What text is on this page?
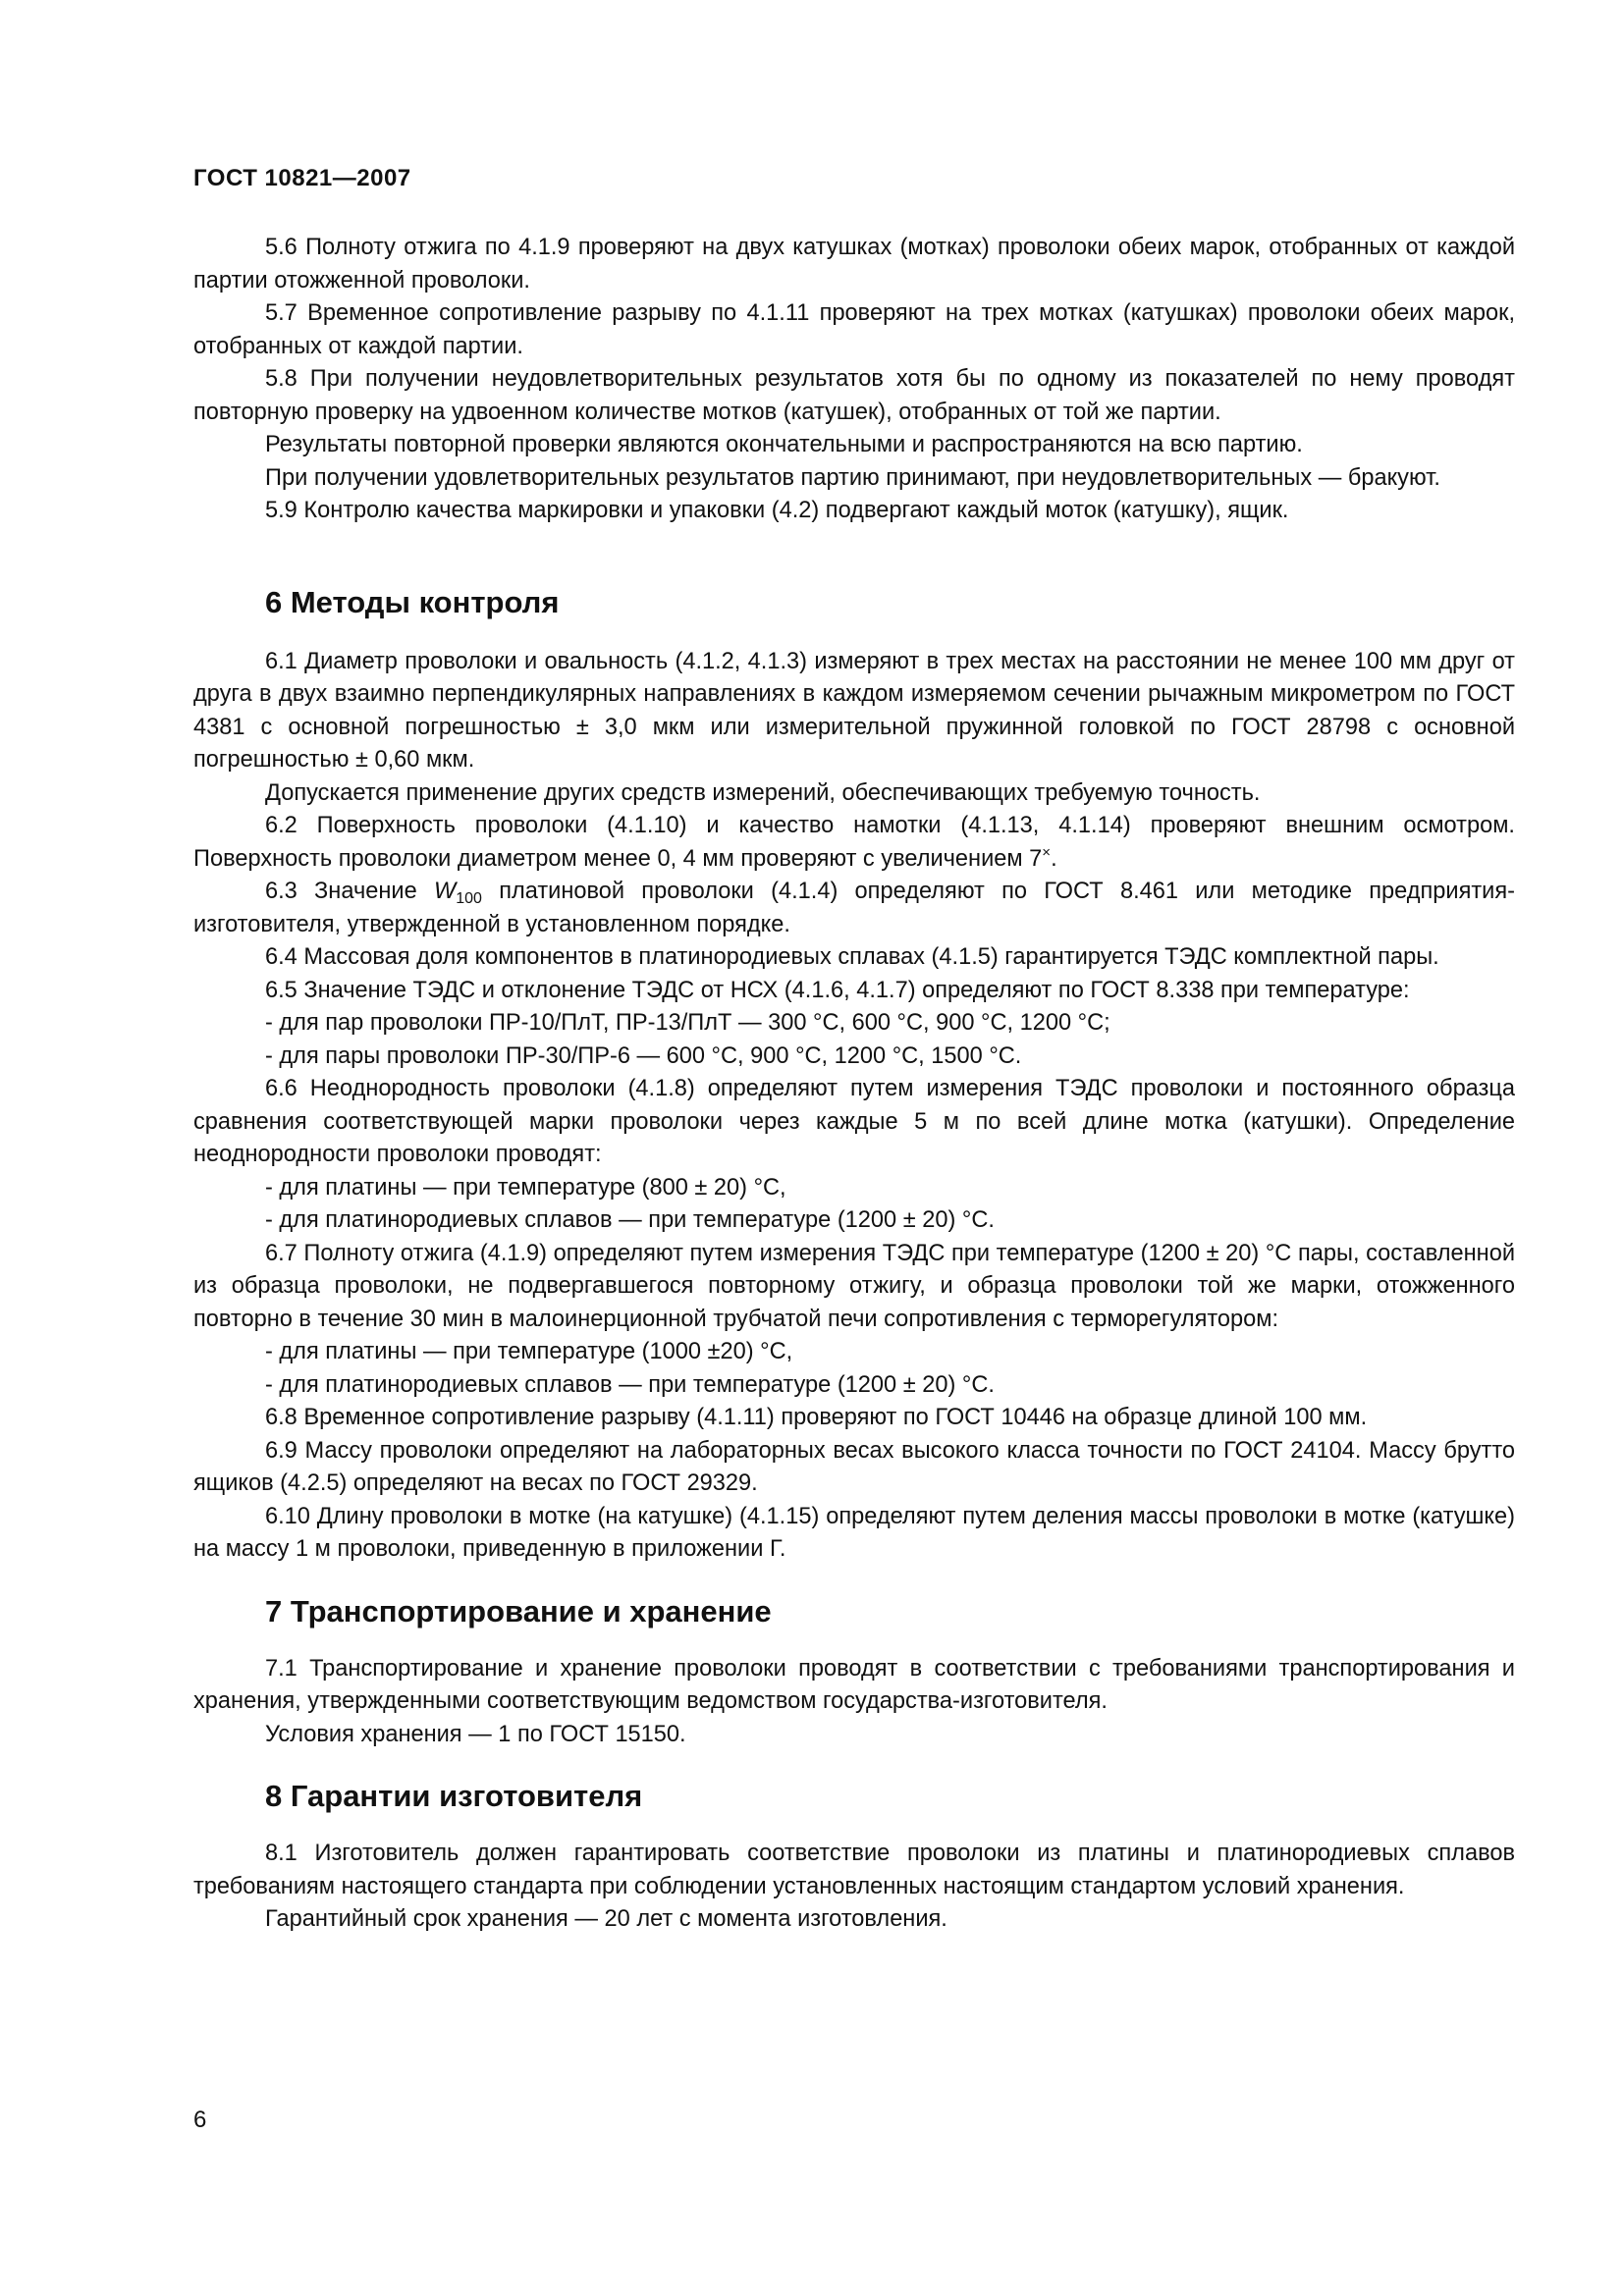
ГОСТ 10821—2007

5.6 Полноту отжига по 4.1.9 проверяют на двух катушках (мотках) проволоки обеих марок, отобранных от каждой партии отожженной проволоки.

5.7 Временное сопротивление разрыву по 4.1.11 проверяют на трех мотках (катушках) проволоки обеих марок, отобранных от каждой партии.

5.8 При получении неудовлетворительных результатов хотя бы по одному из показателей по нему проводят повторную проверку на удвоенном количестве мотков (катушек), отобранных от той же партии.

Результаты повторной проверки являются окончательными и распространяются на всю партию.

При получении удовлетворительных результатов партию принимают, при неудовлетворительных — бракуют.

5.9 Контролю качества маркировки и упаковки (4.2) подвергают каждый моток (катушку), ящик.

6 Методы контроля

6.1 Диаметр проволоки и овальность (4.1.2, 4.1.3) измеряют в трех местах на расстоянии не менее 100 мм друг от друга в двух взаимно перпендикулярных направлениях в каждом измеряемом сечении рычажным микрометром по ГОСТ 4381 с основной погрешностью ± 3,0 мкм или измерительной пружинной головкой по ГОСТ 28798 с основной погрешностью ± 0,60 мкм.

Допускается применение других средств измерений, обеспечивающих требуемую точность.

6.2 Поверхность проволоки (4.1.10) и качество намотки (4.1.13, 4.1.14) проверяют внешним осмотром. Поверхность проволоки диаметром менее 0, 4 мм проверяют с увеличением 7×.

6.3 Значение $W_{100}$ платиновой проволоки (4.1.4) определяют по ГОСТ 8.461 или методике предприятия-изготовителя, утвержденной в установленном порядке.

6.4 Массовая доля компонентов в платинородиевых сплавах (4.1.5) гарантируется ТЭДС комплектной пары.

6.5 Значение ТЭДС и отклонение ТЭДС от НСХ (4.1.6, 4.1.7) определяют по ГОСТ 8.338 при температуре:

- для пар проволоки ПР-10/ПлТ, ПР-13/ПлТ — 300 °С, 600 °С, 900 °С, 1200 °С;

- для пары проволоки ПР-30/ПР-6 — 600 °С, 900 °С, 1200 °С, 1500 °С.

6.6 Неоднородность проволоки (4.1.8) определяют путем измерения ТЭДС проволоки и постоянного образца сравнения соответствующей марки проволоки через каждые 5 м по всей длине мотка (катушки). Определение неоднородности проволоки проводят:

- для платины — при температуре (800 ± 20) °С,

- для платинородиевых сплавов — при температуре (1200 ± 20) °С.

6.7 Полноту отжига (4.1.9) определяют путем измерения ТЭДС при температуре (1200 ± 20) °С пары, составленной из образца проволоки, не подвергавшегося повторному отжигу, и образца проволоки той же марки, отожженного повторно в течение 30 мин в малоинерционной трубчатой печи сопротивления с терморегулятором:

- для платины — при температуре (1000 ±20) °С,

- для платинородиевых сплавов — при температуре (1200 ± 20) °С.

6.8 Временное сопротивление разрыву (4.1.11) проверяют по ГОСТ 10446 на образце длиной 100 мм.

6.9 Массу проволоки определяют на лабораторных весах высокого класса точности по ГОСТ 24104. Массу брутто ящиков (4.2.5) определяют на весах по ГОСТ 29329.

6.10 Длину проволоки в мотке (на катушке) (4.1.15) определяют путем деления массы проволоки в мотке (катушке) на массу 1 м проволоки, приведенную в приложении Г.

7 Транспортирование и хранение

7.1 Транспортирование и хранение проволоки проводят в соответствии с требованиями транспортирования и хранения, утвержденными соответствующим ведомством государства-изготовителя.

Условия хранения — 1 по ГОСТ 15150.

8 Гарантии изготовителя

8.1 Изготовитель должен гарантировать соответствие проволоки из платины и платинородиевых сплавов требованиям настоящего стандарта при соблюдении установленных настоящим стандартом условий хранения.

Гарантийный срок хранения — 20 лет с момента изготовления.

6
